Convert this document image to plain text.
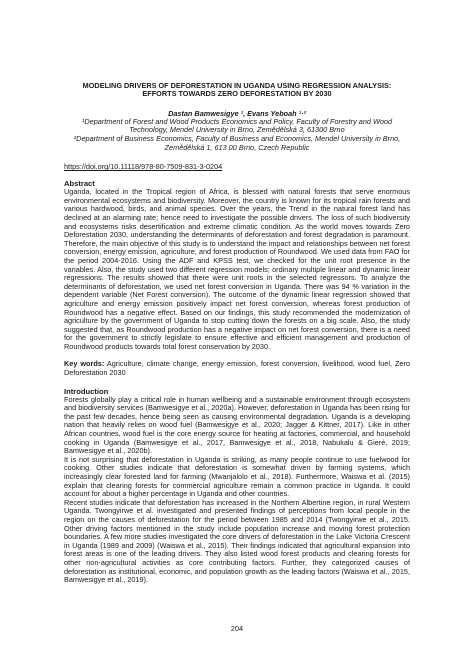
MODELING DRIVERS OF DEFORESTATION IN UGANDA USING REGRESSION ANALYSIS: EFFORTS TOWARDS ZERO DEFORESTATION BY 2030
Dastan Bamwesigye ¹, Evans Yeboah ¹·²
¹Department of Forest and Wood Products Economics and Policy, Faculty of Forestry and Wood Technology, Mendel University in Brno, Zemědělská 3, 61300 Brno
²Department of Business Economics, Faculty of Business and Economics, Mendel University in Brno, Zemědělská 1, 613 00 Brno, Czech Republic
https://doi.org/10.11118/978-80-7509-831-3-0204
Abstract

Uganda, located in the Tropical region of Africa, is blessed with natural forests that serve enormous environmental ecosystems and biodiversity. Moreover, the country is known for its tropical rain forests and various hardwood, birds, and animal species. Over the years, the Trend in the natural forest land has declined at an alarming rate; hence need to investigate the possible drivers. The loss of such biodiversity and ecosystems risks desertification and extreme climatic condition. As the world moves towards Zero Deforestation 2030, understanding the determinants of deforestation and forest degradation is paramount. Therefore, the main objective of this study is to understand the impact and relationships between net forest conversion, energy emission, agriculture, and forest production of Roundwood. We used data from FAO for the period 2004-2016. Using the ADF and KPSS test, we checked for the unit root presence in the variables. Also, the study used two different regression models; ordinary multiple linear and dynamic linear regressions. The results showed that there were unit roots in the selected regressors. To analyze the determinants of deforestation, we used net forest conversion in Uganda. There was 94 % variation in the dependent variable (Net Forest conversion). The outcome of the dynamic linear regression showed that agriculture and energy emission positively impact net forest conversion, whereas forest production of Roundwood has a negative effect. Based on our findings, this study recommended the modernization of agriculture by the government of Uganda to stop cutting down the forests on a big scale. Also, the study suggested that, as Roundwood production has a negative impact on net forest conversion, there is a need for the government to strictly legislate to ensure effective and efficient management and production of Roundwood products towards total forest conservation by 2030.

Key words: Agriculture, climate change, energy emission, forest conversion, livelihood, wood fuel, Zero Deforestation 2030

Introduction

Forests globally play a critical role in human wellbeing and a sustainable environment through ecosystem and biodiversity services (Bamwesigye et al., 2020a). However, deforestation in Uganda has been rising for the past few decades, hence being seen as causing environmental degradation. Uganda is a developing nation that heavily relies on wood fuel (Bamwesigye et al., 2020; Jagger & Kittner, 2017). Like in other African countries, wood fuel is the core energy source for heating at factories, commercial, and household cooking in Uganda (Bamwesigye et al., 2017, Bamwesigye et al., 2018, Nabukalu & Gieré, 2019; Bamwesigye et al., 2020b).

It is not surprising that deforestation in Uganda is striking, as many people continue to use fuelwood for cooking. Other studies indicate that deforestation is somewhat driven by farming systems, which increasingly clear forested land for farming (Mwanjalolo et al., 2018). Furthermore, Waiswa et al. (2015) explain that clearing forests for commercial agriculture remain a common practice in Uganda. It could account for about a higher percentage in Uganda and other countries.

Recent studies indicate that deforestation has increased in the Northern Albertine region, in rural Western Uganda. Twongyirwe et al. investigated and presented findings of perceptions from local people in the region on the causes of deforestation for the period between 1985 and 2014 (Twongyirwe et al., 2015. Other driving factors mentioned in the study include population increase and moving forest protection boundaries. A few more studies investigated the core drivers of deforestation in the Lake Victoria Crescent in Uganda (1989 and 2009) (Waiswa et al., 2015). Their findings indicated that agricultural expansion into forest areas is one of the leading drivers. They also listed wood forest products and clearing forests for other non-agricultural activities as core contributing factors. Further, they categorized causes of deforestation as institutional, economic, and population growth as the leading factors (Waiswa et al., 2015, Bamwesigye et al., 2019).

204
